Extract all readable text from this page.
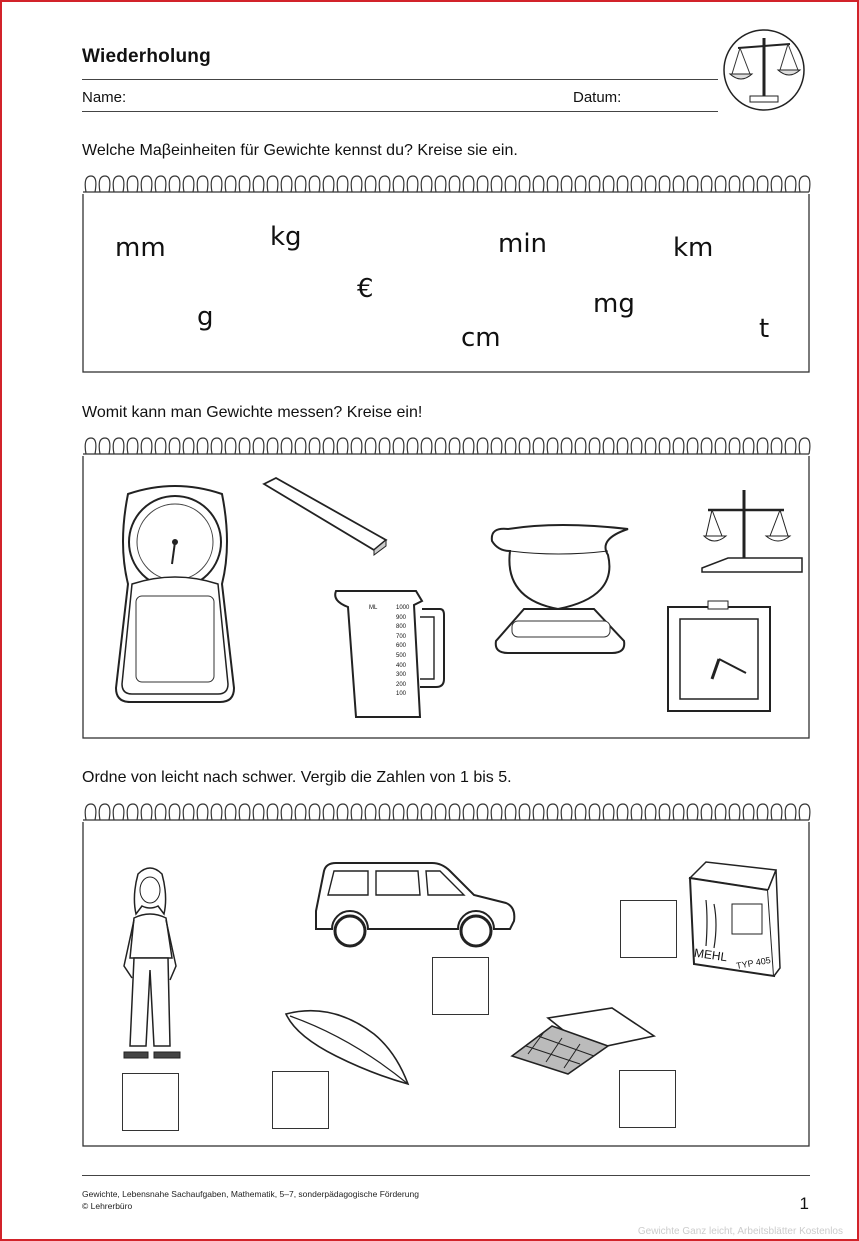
Wiederholung
Name:	Datum:
Welche Maβeinheiten für Gewichte kennst du? Kreise sie ein.
mm	kg	min	km
€	mg
g
cm	t
Womit kann man Gewichte messen? Kreise ein!
ML	1000
900
800
700
600
500
400
300
200
100
Ordne von leicht nach schwer. Vergib die Zahlen von 1 bis 5.
MEHL TYP 405
Gewichte, Lebensnahe Sachaufgaben, Mathematik, 5–7, sonderpädagogische Förderung
© Lehrerbüro	1
Gewichte Ganz leicht, Arbeitsblätter Kostenlos
